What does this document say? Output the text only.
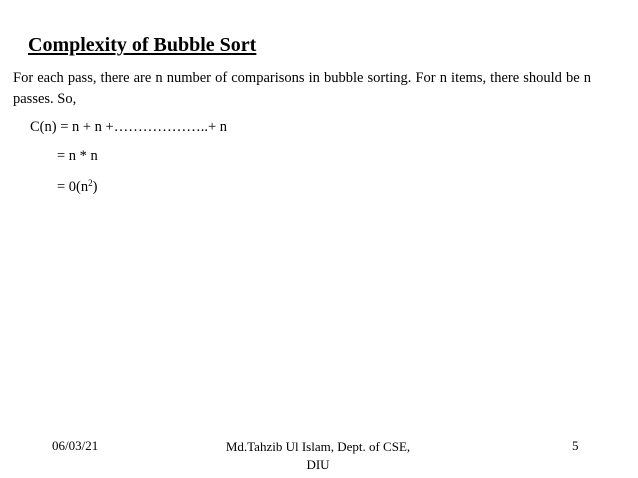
Complexity of Bubble Sort
For each pass, there are n number of comparisons in bubble sorting. For n items, there should be n passes. So,
C(n) = n + n +………………..+ n
= n * n
= $0(n^2)$
06/03/21	Md.Tahzib Ul Islam, Dept. of CSE, DIU
5
